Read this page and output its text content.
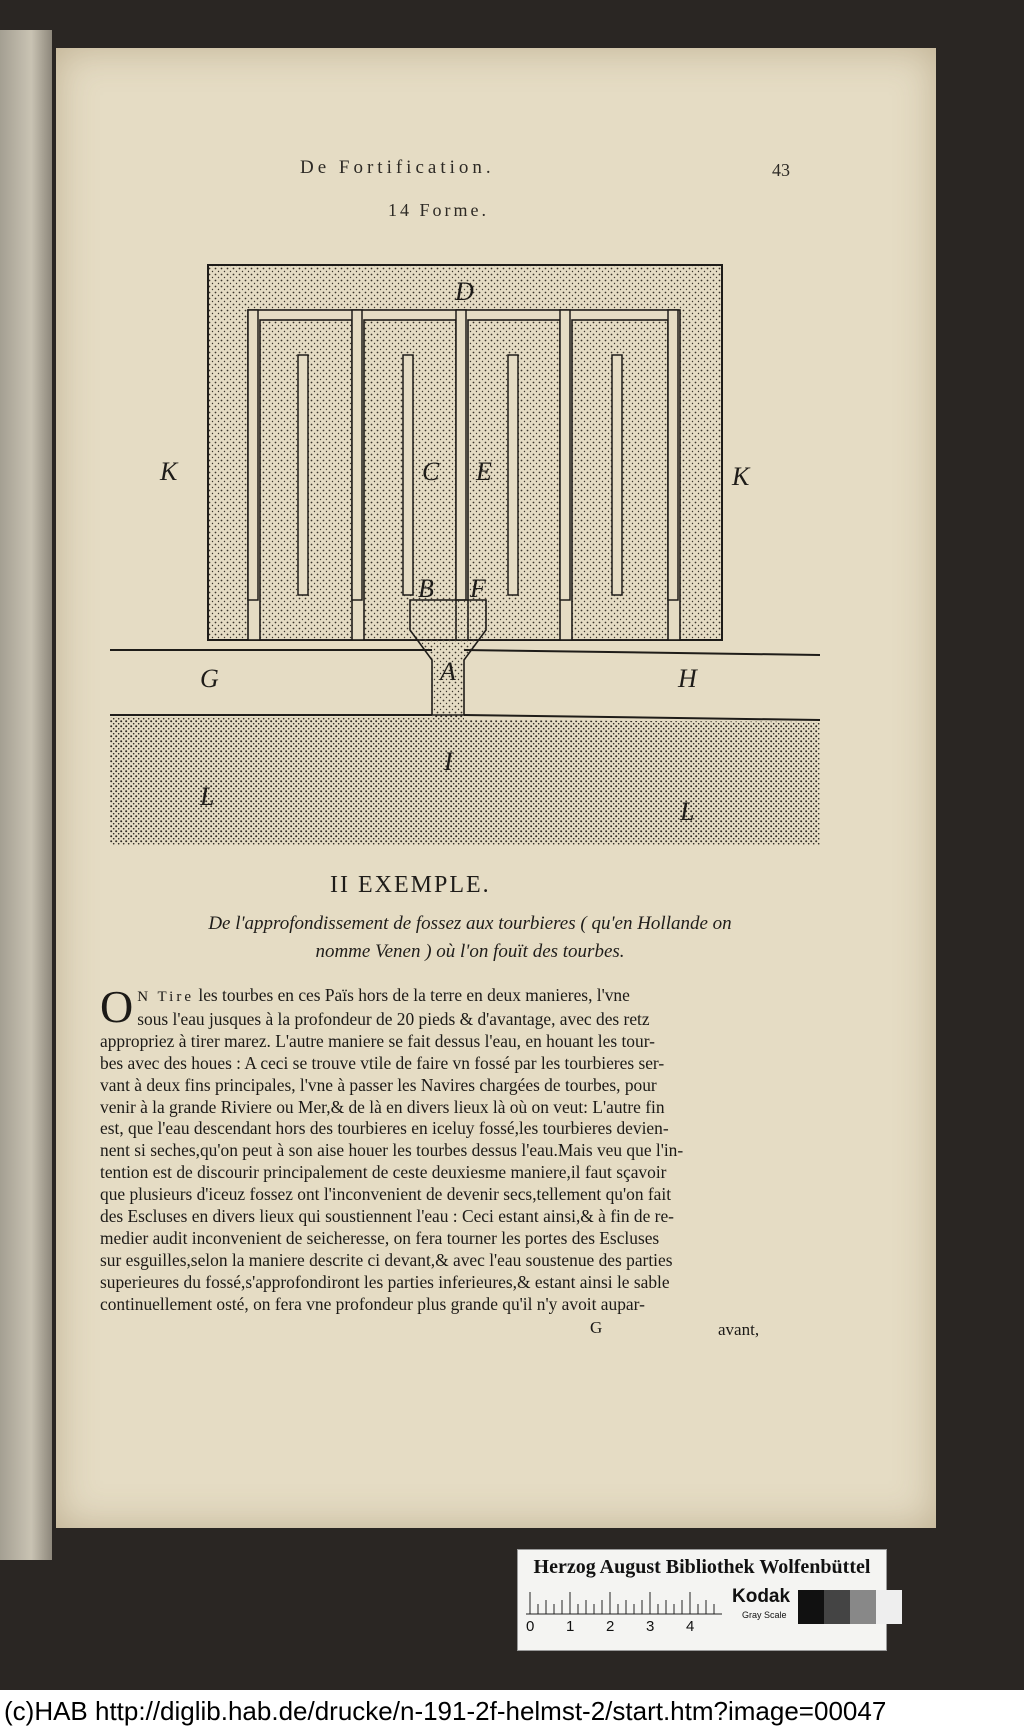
De Fortification.	43
14 Forme.
D
K	K
C E
B F
G	A	H
I
L
L
II EXEMPLE.
De l'approfondissement de fossez aux tourbieres ( qu'en Hollande on
nomme Venen ) où l'on fouït des tourbes.
O N Tire les tourbes en ces Païs hors de la terre en deux manieres, l'vne
sous l'eau jusques à la profondeur de 20 pieds & d'avantage, avec des retz
appropriez à tirer marez. L'autre maniere se fait dessus l'eau, en houant les tour-
bes avec des houes : A ceci se trouve vtile de faire vn fossé par les tourbieres ser-
vant à deux fins principales, l'vne à passer les Navires chargées de tourbes, pour
venir à la grande Riviere ou Mer,& de là en divers lieux là où on veut: L'autre fin
est, que l'eau descendant hors des tourbieres en iceluy fossé,les tourbieres devien-
nent si seches,qu'on peut à son aise houer les tourbes dessus l'eau.Mais veu que l'in-
tention est de discourir principalement de ceste deuxiesme maniere,il faut sçavoir
que plusieurs d'iceuz fossez ont l'inconvenient de devenir secs,tellement qu'on fait
des Escluses en divers lieux qui soustiennent l'eau : Ceci estant ainsi,& à fin de re-
medier audit inconvenient de seicheresse, on fera tourner les portes des Escluses
sur esguilles,selon la maniere descrite ci devant,& avec l'eau soustenue des parties
superieures du fossé,s'approfondiront les parties inferieures,& estant ainsi le sable
continuellement osté, on fera vne profondeur plus grande qu'il n'y avoit aupar-
G	avant,
Herzog August Bibliothek Wolfenbüttel
0 1 2 3 4
Kodak
Gray Scale
(c)HAB http://diglib.hab.de/drucke/n-191-2f-helmst-2/start.htm?image=00047
